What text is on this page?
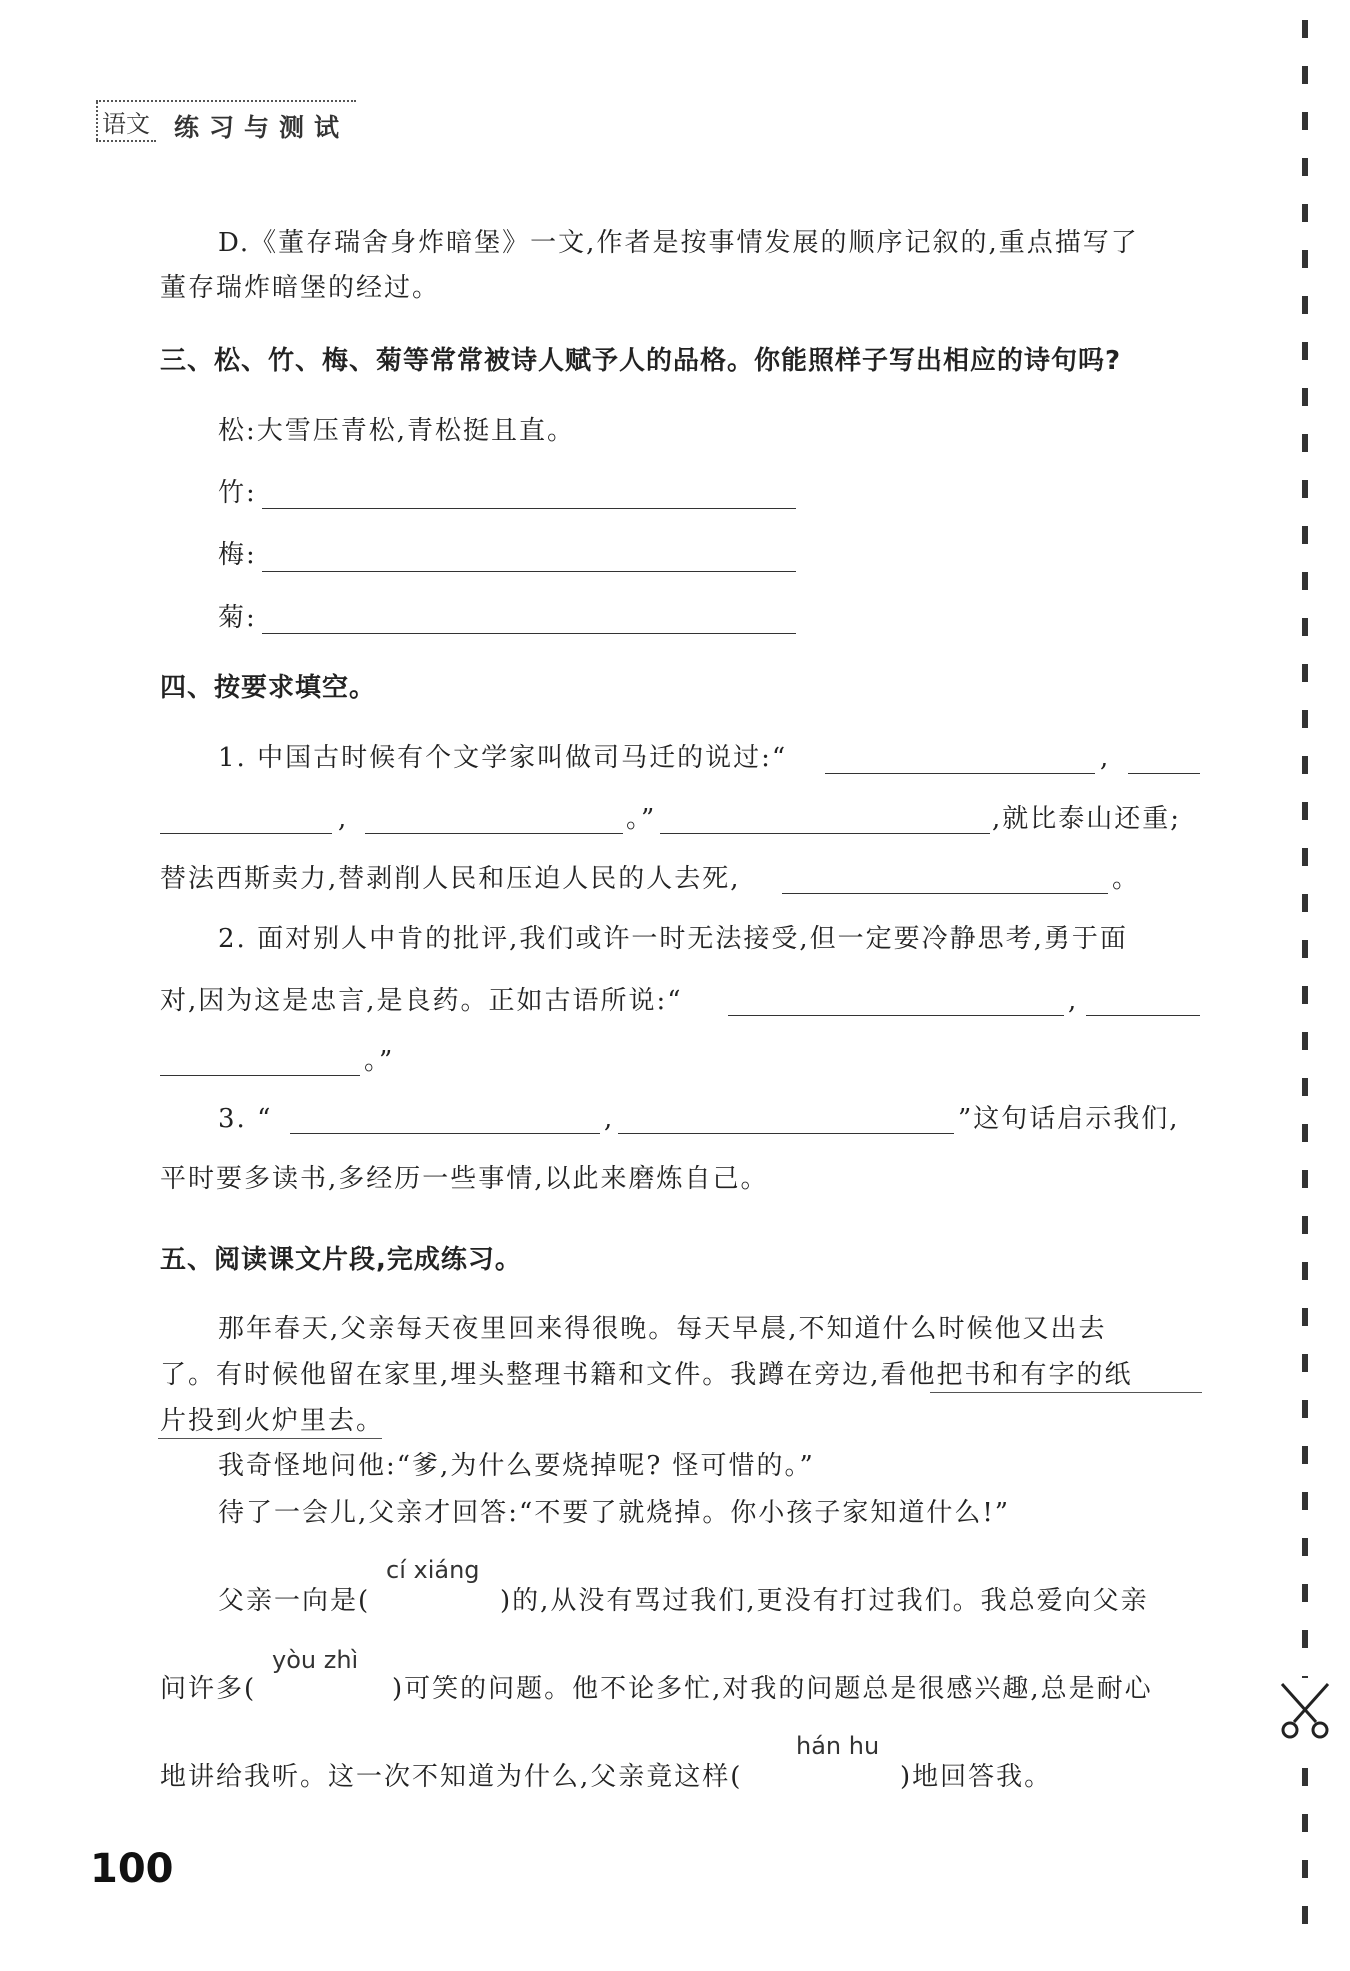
语文 练习与测试
D.《董存瑞舍身炸暗堡》一文,作者是按事情发展的顺序记叙的,重点描写了
董存瑞炸暗堡的经过。
三、松、竹、梅、菊等常常被诗人赋予人的品格。你能照样子写出相应的诗句吗?
松:大雪压青松,青松挺且直。
竹:
梅:
菊:
四、按要求填空。
1. 中国古时候有个文学家叫做司马迁的说过:“	,
,	。”	,就比泰山还重;
替法西斯卖力,替剥削人民和压迫人民的人去死,	。
2. 面对别人中肯的批评,我们或许一时无法接受,但一定要冷静思考,勇于面
对,因为这是忠言,是良药。正如古语所说:“	,
。”
3. “	,	”这句话启示我们,
平时要多读书,多经历一些事情,以此来磨炼自己。
五、阅读课文片段,完成练习。
那年春天,父亲每天夜里回来得很晚。每天早晨,不知道什么时候他又出去
了。有时候他留在家里,埋头整理书籍和文件。我蹲在旁边,看他把书和有字的纸
片投到火炉里去。
我奇怪地问他:“爹,为什么要烧掉呢? 怪可惜的。”
待了一会儿,父亲才回答:“不要了就烧掉。你小孩子家知道什么!”
cí xiáng
父亲一向是(	)的,从没有骂过我们,更没有打过我们。我总爱向父亲
yòu zhì
问许多(	)可笑的问题。他不论多忙,对我的问题总是很感兴趣,总是耐心
hán hu
地讲给我听。这一次不知道为什么,父亲竟这样(	)地回答我。
100
